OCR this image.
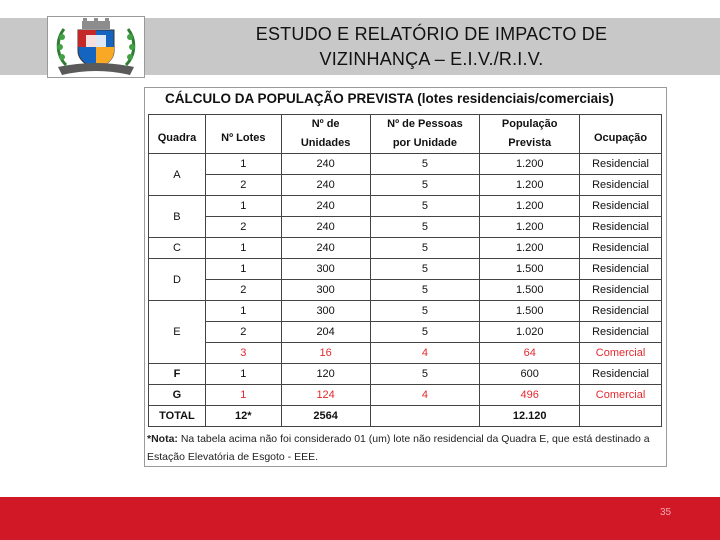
ESTUDO E RELATÓRIO DE IMPACTO DE
VIZINHANÇA – E.I.V./R.I.V.
CÁLCULO DA POPULAÇÃO PREVISTA (lotes residenciais/comerciais)
Quadra	Nº Lotes	Nº de	Nº de Pessoas	População	Ocupação
		Unidades	por Unidade	Prevista	
A	1	240	5	1.200	Residencial
	2	240	5	1.200	Residencial
B	1	240	5	1.200	Residencial
	2	240	5	1.200	Residencial
C	1	240	5	1.200	Residencial
D	1	300	5	1.500	Residencial
	2	300	5	1.500	Residencial
E	1	300	5	1.500	Residencial
	2	204	5	1.020	Residencial
	3	16	4	64	Comercial
F	1	120	5	600	Residencial
G	1	124	4	496	Comercial
TOTAL	12*	2564		12.120	
*Nota: Na tabela acima não foi considerado 01 (um) lote não residencial da Quadra E, que está destinado a
Estação Elevatória de Esgoto - EEE.
35
